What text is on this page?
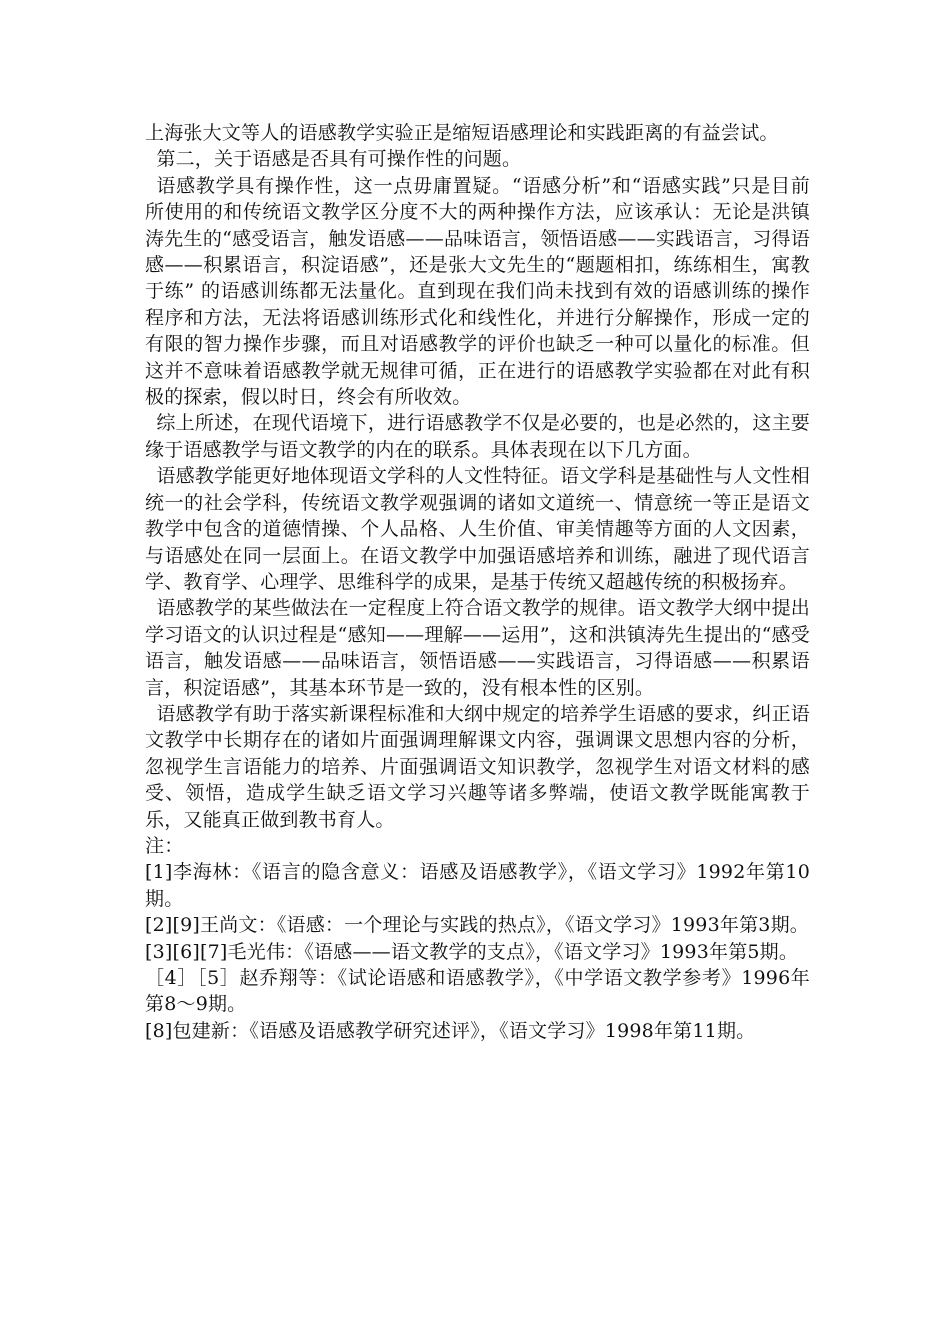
上海张大文等人的语感教学实验正是缩短语感理论和实践距离的有益尝试。

第二，关于语感是否具有可操作性的问题。

语感教学具有操作性，这一点毋庸置疑。“语感分析”和“语感实践”只是目前所使用的和传统语文教学区分度不大的两种操作方法，应该承认：无论是洪镇涛先生的“感受语言，触发语感——品味语言，领悟语感——实践语言，习得语感——积累语言，积淀语感”，还是张大文先生的“题题相扣，练练相生，寓教于练” 的语感训练都无法量化。直到现在我们尚未找到有效的语感训练的操作程序和方法，无法将语感训练形式化和线性化，并进行分解操作，形成一定的有限的智力操作步骤，而且对语感教学的评价也缺乏一种可以量化的标准。但这并不意味着语感教学就无规律可循，正在进行的语感教学实验都在对此有积极的探索，假以时日，终会有所收效。

综上所述，在现代语境下，进行语感教学不仅是必要的，也是必然的，这主要缘于语感教学与语文教学的内在的联系。具体表现在以下几方面。

语感教学能更好地体现语文学科的人文性特征。语文学科是基础性与人文性相统一的社会学科，传统语文教学观强调的诸如文道统一、情意统一等正是语文教学中包含的道德情操、个人品格、人生价值、审美情趣等方面的人文因素，与语感处在同一层面上。在语文教学中加强语感培养和训练，融进了现代语言学、教育学、心理学、思维科学的成果，是基于传统又超越传统的积极扬弃。

语感教学的某些做法在一定程度上符合语文教学的规律。语文教学大纲中提出学习语文的认识过程是“感知——理解——运用”，这和洪镇涛先生提出的“感受语言，触发语感——品味语言，领悟语感——实践语言，习得语感——积累语言，积淀语感”，其基本环节是一致的，没有根本性的区别。

语感教学有助于落实新课程标准和大纲中规定的培养学生语感的要求，纠正语文教学中长期存在的诸如片面强调理解课文内容，强调课文思想内容的分析，忽视学生言语能力的培养、片面强调语文知识教学，忽视学生对语文材料的感受、领悟，造成学生缺乏语文学习兴趣等诸多弊端，使语文教学既能寓教于乐，又能真正做到教书育人。

注：

[1]李海林：《语言的隐含意义：语感及语感教学》，《语文学习》1992年第10期。

[2][9]王尚文：《语感：一个理论与实践的热点》，《语文学习》1993年第3期。

[3][6][7]毛光伟：《语感——语文教学的支点》，《语文学习》1993年第5期。

［4］［5］赵乔翔等：《试论语感和语感教学》，《中学语文教学参考》1996年第8～9期。

[8]包建新：《语感及语感教学研究述评》，《语文学习》1998年第11期。
